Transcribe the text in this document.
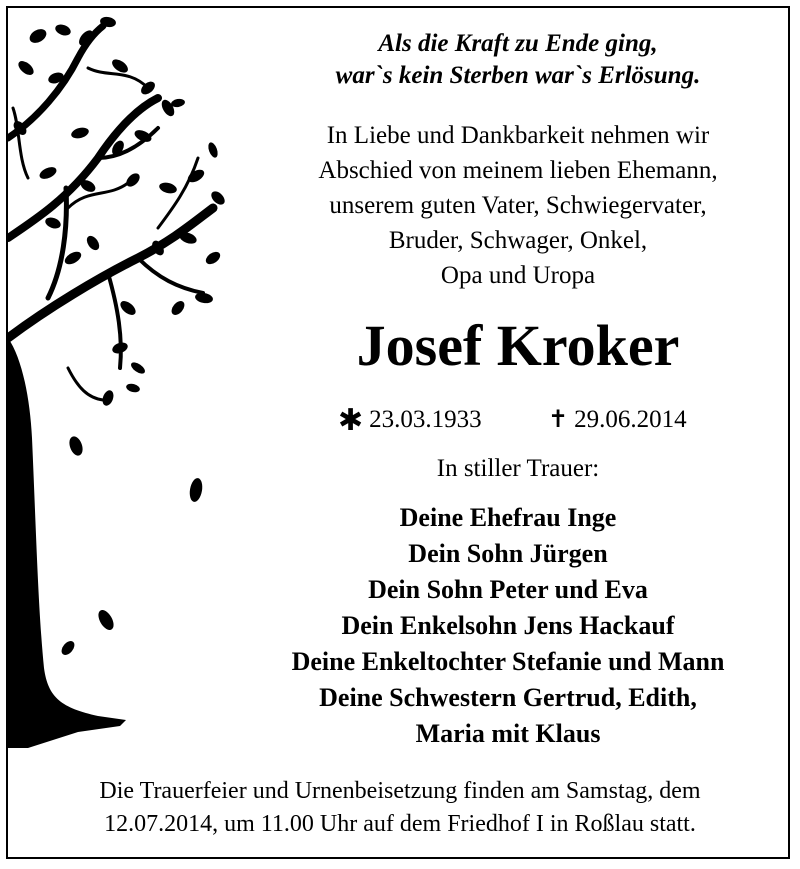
Als die Kraft zu Ende ging,
war`s kein Sterben war`s Erlösung.
In Liebe und Dankbarkeit nehmen wir
Abschied von meinem lieben Ehemann,
unserem guten Vater, Schwiegervater,
Bruder, Schwager, Onkel,
Opa und Uropa
Josef Kroker
✱ 23.03.1933	✝ 29.06.2014
In stiller Trauer:
Deine Ehefrau Inge
Dein Sohn Jürgen
Dein Sohn Peter und Eva
Dein Enkelsohn Jens Hackauf
Deine Enkeltochter Stefanie und Mann
Deine Schwestern Gertrud, Edith,
Maria mit Klaus
Die Trauerfeier und Urnenbeisetzung finden am Samstag, dem
12.07.2014, um 11.00 Uhr auf dem Friedhof I in Roßlau statt.
